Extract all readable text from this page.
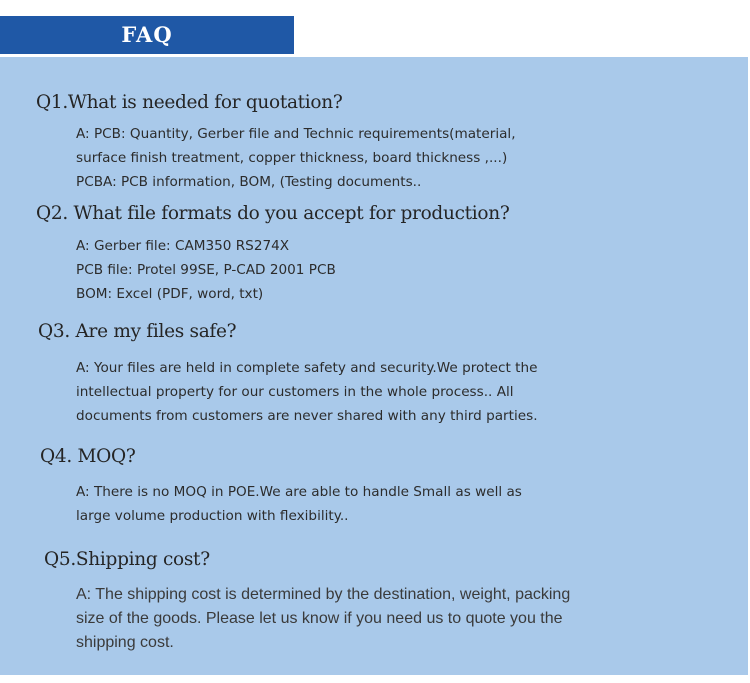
FAQ
Q1.What is needed for quotation?
A: PCB: Quantity, Gerber file and Technic requirements(material,
surface finish treatment, copper thickness, board thickness ,...)
PCBA: PCB information, BOM, (Testing documents..
Q2. What file formats do you accept for production?
A: Gerber file: CAM350 RS274X
PCB file: Protel 99SE, P-CAD 2001 PCB
BOM: Excel (PDF, word, txt)
Q3. Are my files safe?
A: Your files are held in complete safety and security.We protect the
intellectual property for our customers in the whole process.. All
documents from customers are never shared with any third parties.
Q4. MOQ?
A: There is no MOQ in POE.We are able to handle Small as well as
large volume production with flexibility..
Q5.Shipping cost?
A: The shipping cost is determined by the destination, weight, packing
size of the goods. Please let us know if you need us to quote you the
shipping cost.
